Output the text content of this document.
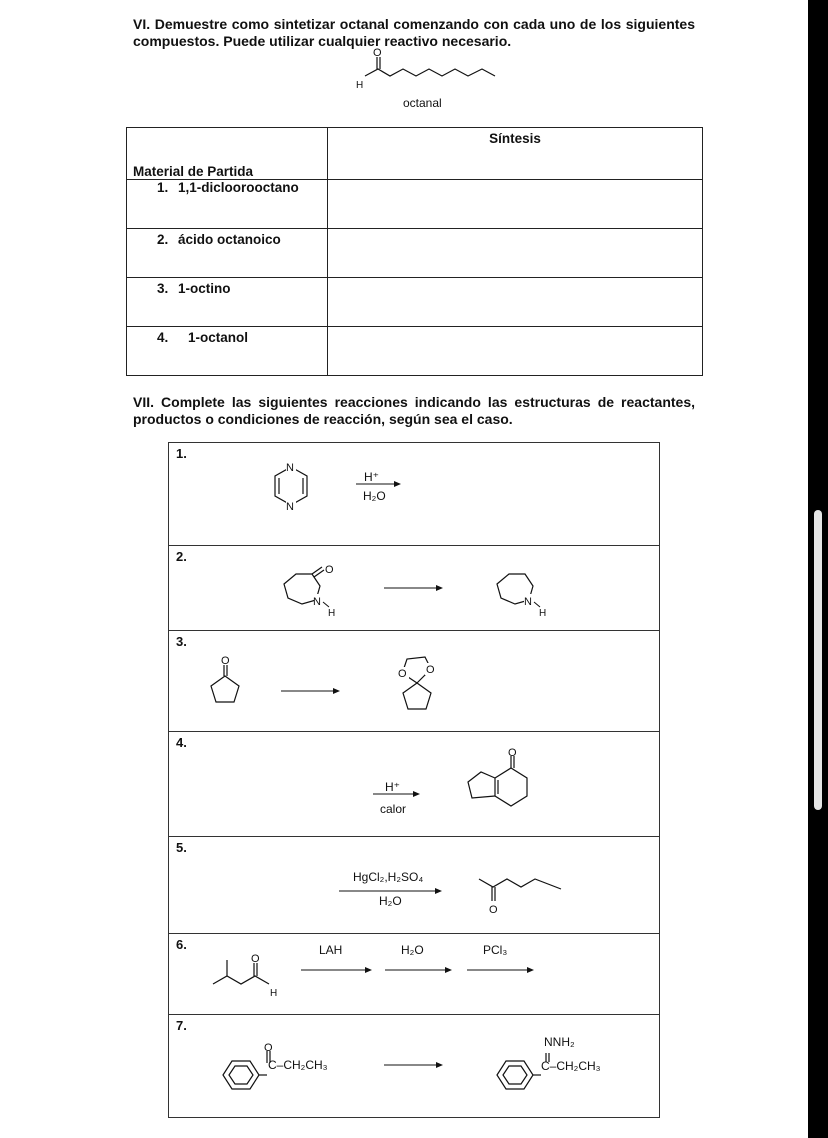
VI. Demuestre como sintetizar octanal comenzando con cada uno de los siguientes compuestos. Puede utilizar cualquier reactivo necesario.
O
H
octanal
Material de Partida	Síntesis
1. 1,1-dicloorooctano	
2. ácido octanoico	
3. 1-octino	
4. 1-octanol	
VII. Complete las siguientes reacciones indicando las estructuras de reactantes, productos o condiciones de reacción, según sea el caso.
1.
N
N
H⁺
H₂O

2.
O
N
H
N
H

3.
O
O O

4.
H⁺
calor
O

5.
HgCl₂,H₂SO₄
H₂O
O

6.
O
H
LAH	H₂O	PCl₃

7.
O
C–CH₂CH₃
NNH₂
C–CH₂CH₃
